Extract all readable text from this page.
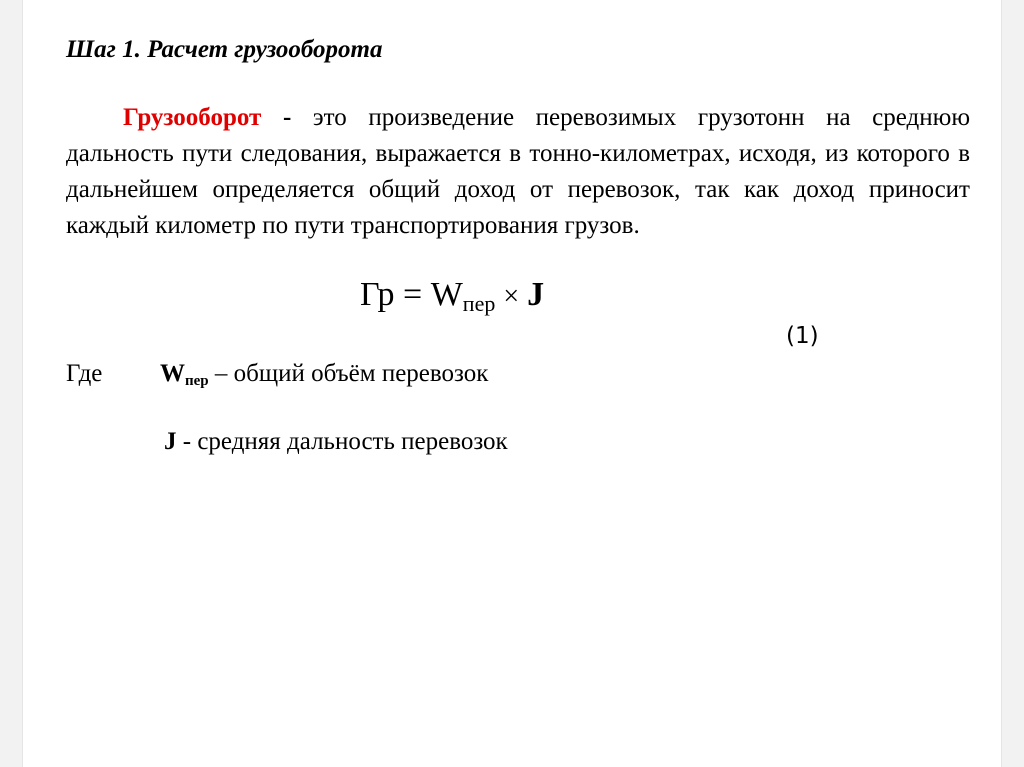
Шаг 1. Расчет грузооборота

Грузооборот - это произведение перевозимых грузотонн на среднюю дальность пути следования, выражается в тонно-километрах, исходя, из которого в дальнейшем определяется общий доход от перевозок, так как доход приносит каждый километр по пути транспортирования грузов.

Гр = $W_{пер} \times J$
(1)
Где $W_{пер}$ – общий объём перевозок
J - средняя дальность перевозок
